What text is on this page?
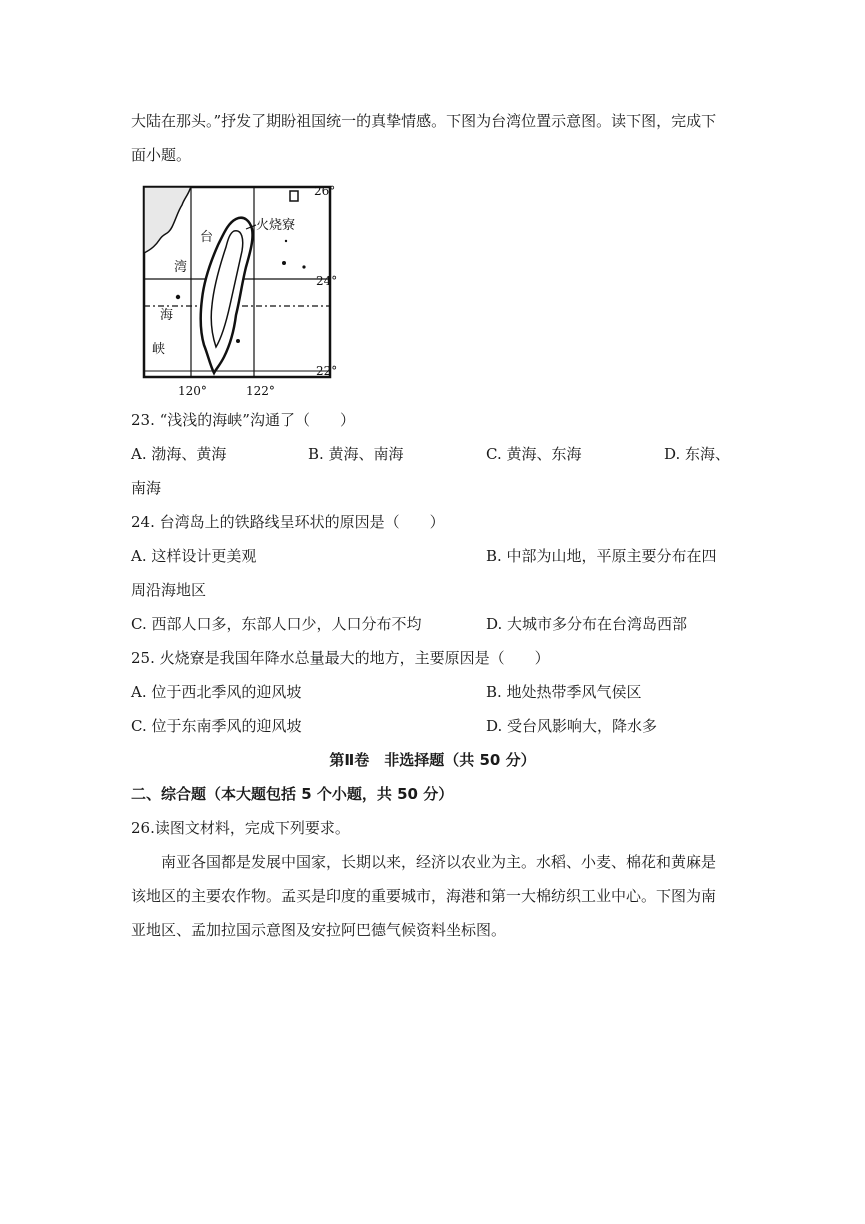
大陆在那头。”抒发了期盼祖国统一的真挚情感。下图为台湾位置示意图。读下图，完成下
面小题。
火烧寮
台
湾
海
峡
26°
24°
22°
120°	122°
23. “浅浅的海峡”沟通了（　　）
A. 渤海、黄海	B. 黄海、南海	C. 黄海、东海	D. 东海、
南海
24. 台湾岛上的铁路线呈环状的原因是（　　）
A. 这样设计更美观	B. 中部为山地，平原主要分布在四
周沿海地区
C. 西部人口多，东部人口少，人口分布不均	D. 大城市多分布在台湾岛西部
25. 火烧寮是我国年降水总量最大的地方，主要原因是（　　）
A. 位于西北季风的迎风坡	B. 地处热带季风气侯区
C. 位于东南季风的迎风坡	D. 受台风影响大，降水多
第Ⅱ卷　非选择题（共 50 分）
二、综合题（本大题包括 5 个小题，共 50 分）
26.读图文材料，完成下列要求。
南亚各国都是发展中国家，长期以来，经济以农业为主。水稻、小麦、棉花和黄麻是
该地区的主要农作物。孟买是印度的重要城市，海港和第一大棉纺织工业中心。下图为南
亚地区、孟加拉国示意图及安拉阿巴德气候资料坐标图。
